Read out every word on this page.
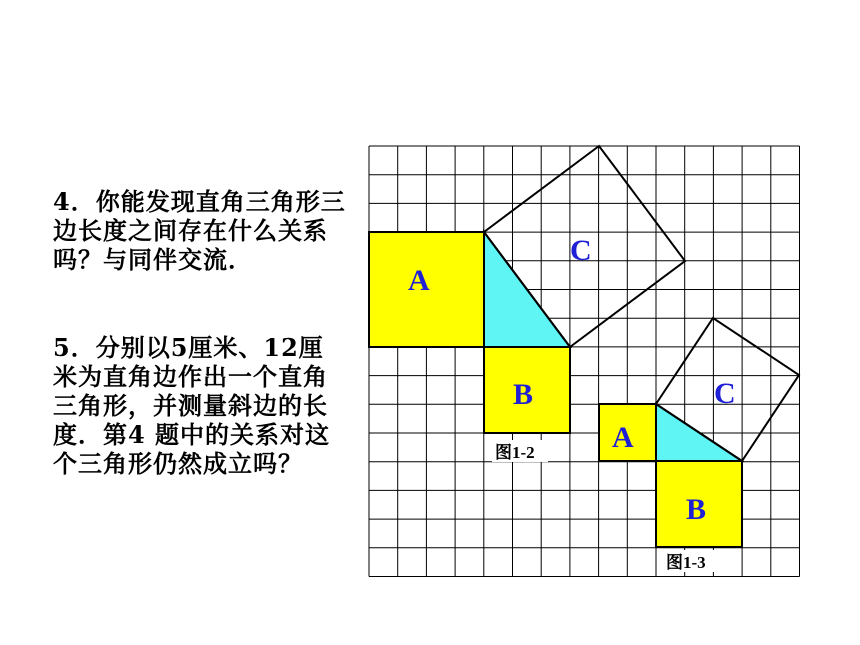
4．你能发现直角三角形三边长度之间存在什么关系吗？与同伴交流．
5．分别以5厘米、12厘米为直角边作出一个直角三角形，并测量斜边的长度．第4 题中的关系对这个三角形仍然成立吗？
A
B
C
图1-2	A
B
C
图1-3
